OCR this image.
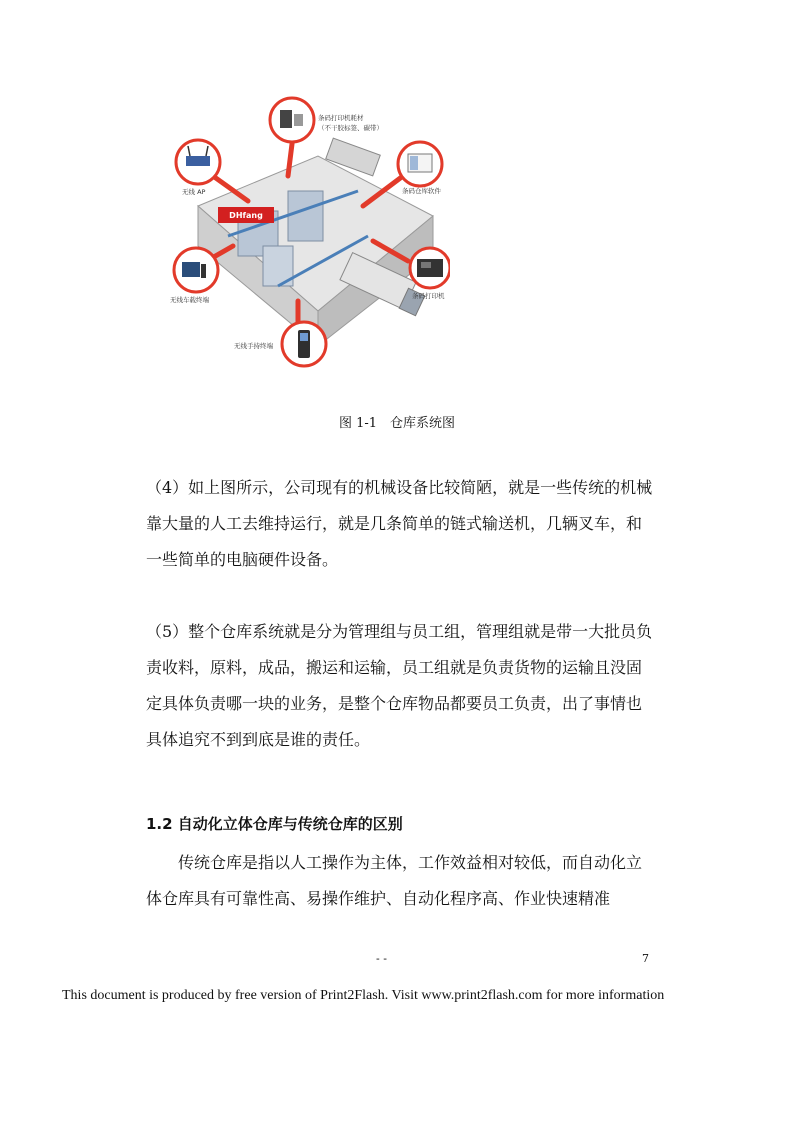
DHfang
条码打印机耗材
（不干胶标签、碳带）
无线 AP	条码仓库软件
无线车载终端	条码打印机
无线手持终端
图 1-1　仓库系统图
（4）如上图所示，公司现有的机械设备比较简陋，就是一些传统的机械靠大量的人工去维持运行，就是几条简单的链式输送机，几辆叉车，和一些简单的电脑硬件设备。
（5）整个仓库系统就是分为管理组与员工组，管理组就是带一大批员负责收料，原料，成品，搬运和运输，员工组就是负责货物的运输且没固定具体负责哪一块的业务，是整个仓库物品都要员工负责，出了事情也具体追究不到到底是谁的责任。
1.2 自动化立体仓库与传统仓库的区别
传统仓库是指以人工操作为主体，工作效益相对较低，而自动化立体仓库具有可靠性高、易操作维护、自动化程序高、作业快速精准
- -	7
This document is produced by free version of Print2Flash. Visit www.print2flash.com for more information
